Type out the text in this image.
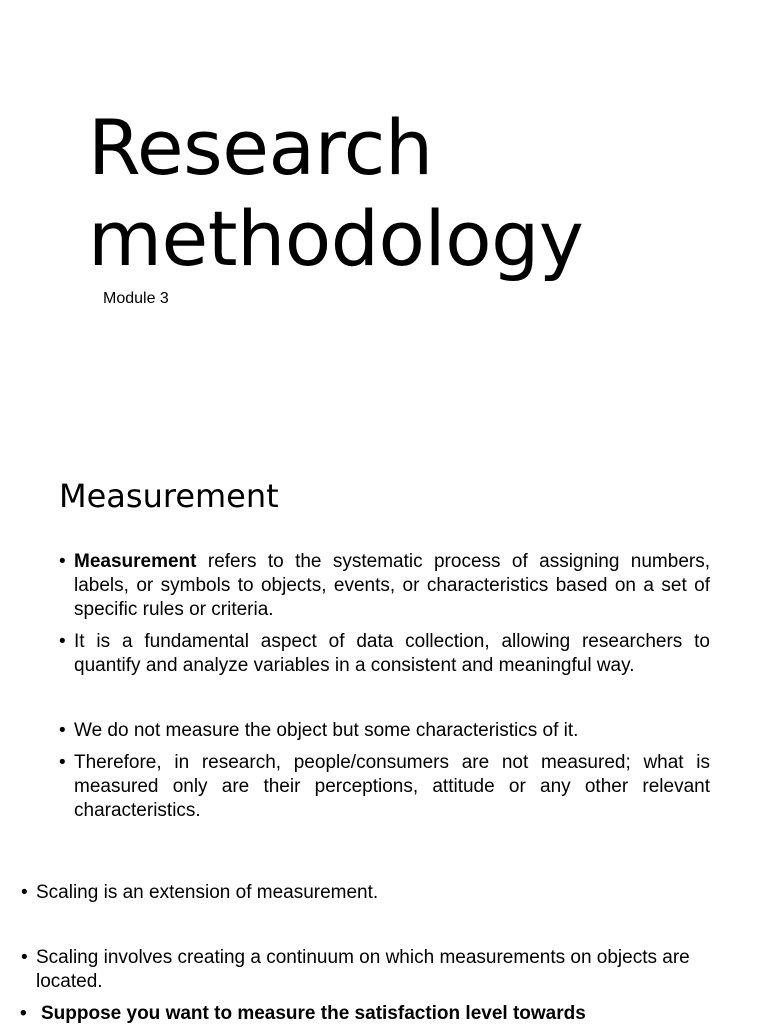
Research
methodology
Module 3
Measurement
• Measurement refers to the systematic process of assigning numbers, labels, or symbols to objects, events, or characteristics based on a set of specific rules or criteria.
• It is a fundamental aspect of data collection, allowing researchers to quantify and analyze variables in a consistent and meaningful way.
• We do not measure the object but some characteristics of it.
• Therefore, in research, people/consumers are not measured; what is measured only are their perceptions, attitude or any other relevant characteristics.
• Scaling is an extension of measurement.
• Scaling involves creating a continuum on which measurements on objects are located.
• Suppose you want to measure the satisfaction level towards
